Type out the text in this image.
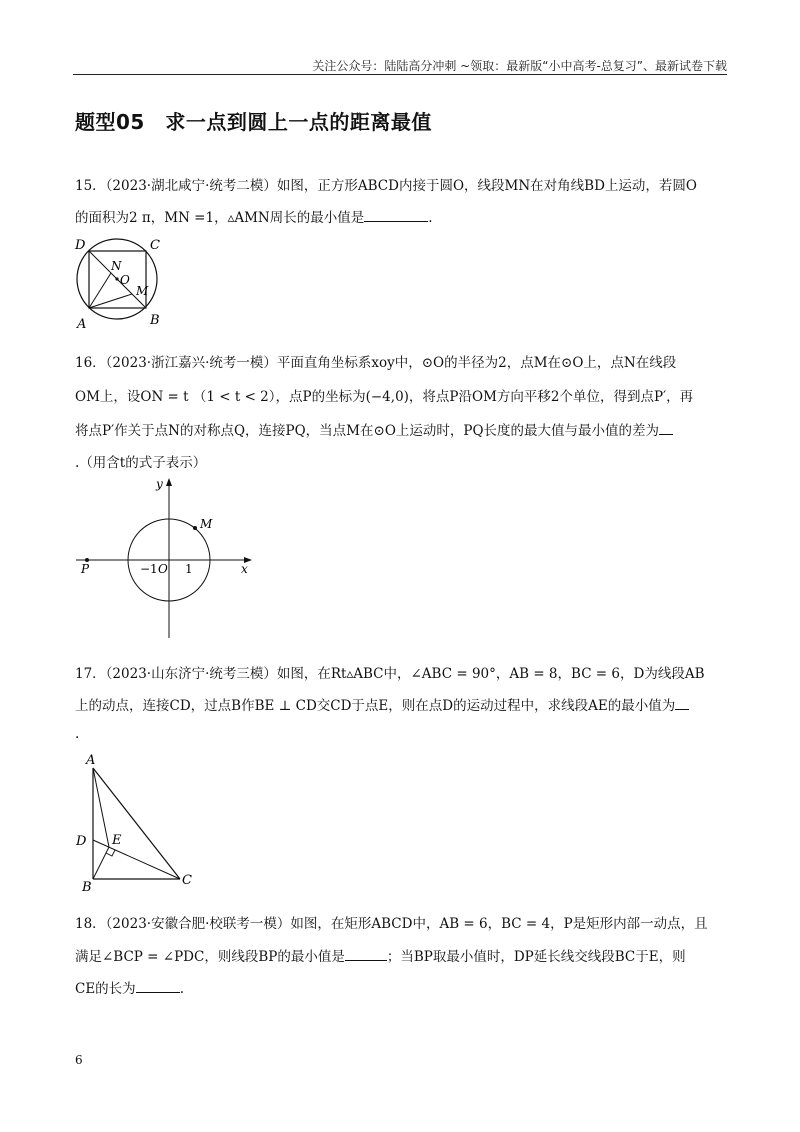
关注公众号：陆陆高分冲刺 ~领取：最新版“小中高考-总复习”、最新试卷下载
题型05　求一点到圆上一点的距离最值
15．（2023·湖北咸宁·统考二模）如图，正方形ABCD内接于圆O，线段MN在对角线BD上运动，若圆O
的面积为2 π，MN =1，▵AMN周长的最小值是	.
D	C
N
O
M
A	B
16．（2023·浙江嘉兴·统考一模）平面直角坐标系xoy中，⊙O的半径为2，点M在⊙O上，点N在线段
OM上，设ON = t （1 < t < 2），点P的坐标为(−4,0)，将点P沿OM方向平移2个单位，得到点P′，再
将点P′作关于点N的对称点Q，连接PQ，当点M在⊙O上运动时，PQ长度的最大值与最小值的差为
.（用含t的式子表示）
y
x
M
P	−1 O 1
17．（2023·山东济宁·统考三模）如图，在Rt▵ABC中，∠ABC = 90°，AB = 8，BC = 6，D为线段AB
上的动点，连接CD，过点B作BE ⊥ CD交CD于点E，则在点D的运动过程中，求线段AE的最小值为
.
A
D E
B	C
18．（2023·安徽合肥·校联考一模）如图，在矩形ABCD中，AB = 6，BC = 4，P是矩形内部一动点，且
满足∠BCP = ∠PDC，则线段BP的最小值是	；当BP取最小值时，DP延长线交线段BC于E，则
CE的长为	.
6
